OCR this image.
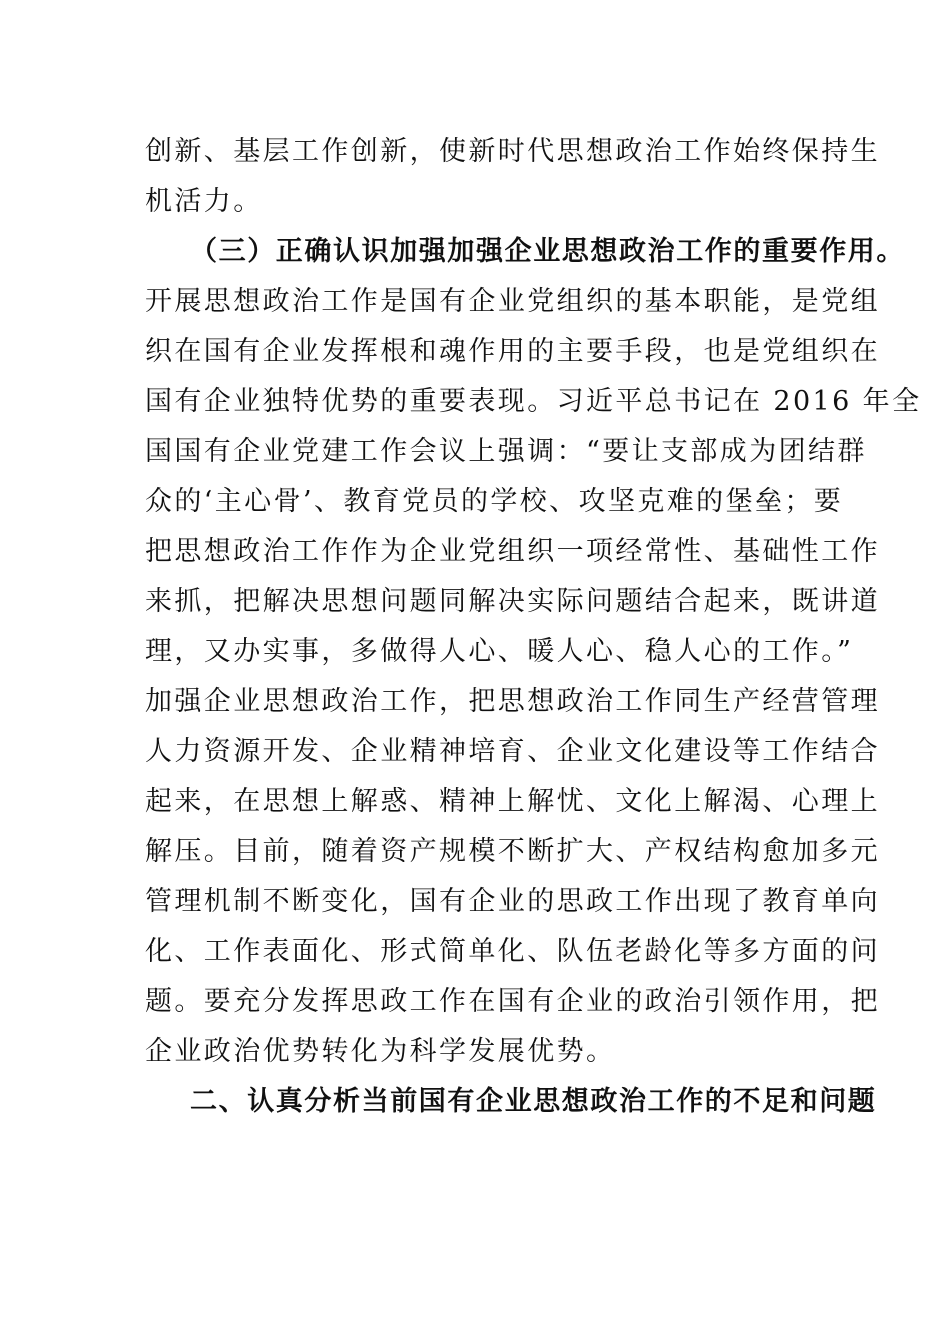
创新、基层工作创新，使新时代思想政治工作始终保持生
机活力。
（三）正确认识加强加强企业思想政治工作的重要作用。
开展思想政治工作是国有企业党组织的基本职能，是党组
织在国有企业发挥根和魂作用的主要手段，也是党组织在
国有企业独特优势的重要表现。习近平总书记在 2016 年全
国国有企业党建工作会议上强调：“要让支部成为团结群
众的‘主心骨’、教育党员的学校、攻坚克难的堡垒；要
把思想政治工作作为企业党组织一项经常性、基础性工作
来抓，把解决思想问题同解决实际问题结合起来，既讲道
理，又办实事，多做得人心、暖人心、稳人心的工作。”
加强企业思想政治工作，把思想政治工作同生产经营管理
人力资源开发、企业精神培育、企业文化建设等工作结合
起来，在思想上解惑、精神上解忧、文化上解渴、心理上
解压。目前，随着资产规模不断扩大、产权结构愈加多元
管理机制不断变化，国有企业的思政工作出现了教育单向
化、工作表面化、形式简单化、队伍老龄化等多方面的问
题。要充分发挥思政工作在国有企业的政治引领作用，把
企业政治优势转化为科学发展优势。
二、认真分析当前国有企业思想政治工作的不足和问题
